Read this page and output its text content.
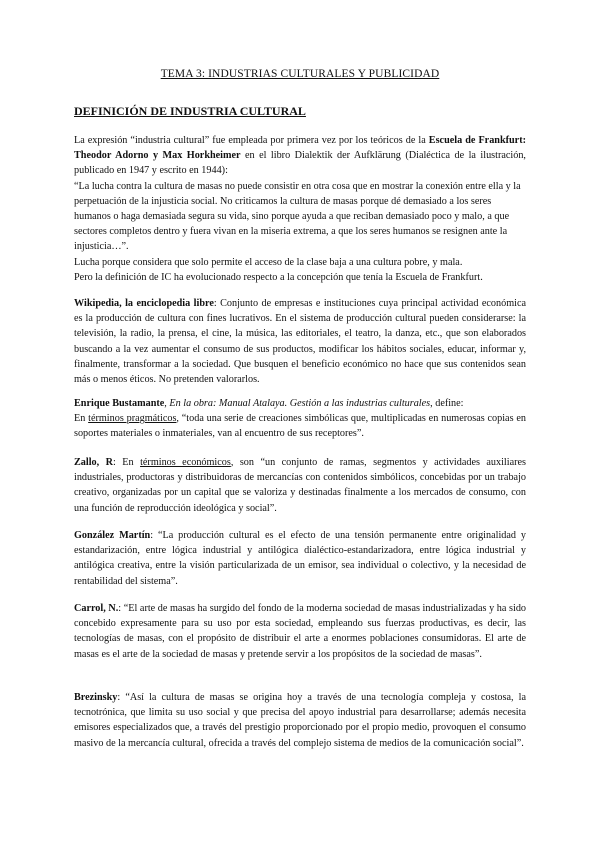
TEMA 3: INDUSTRIAS CULTURALES Y PUBLICIDAD
DEFINICIÓN DE INDUSTRIA CULTURAL

La expresión “industria cultural” fue empleada por primera vez por los teóricos de la Escuela de Frankfurt: Theodor Adorno y Max Horkheimer en el libro Dialektik der Aufklärung (Dialéctica de la ilustración, publicado en 1947 y escrito en 1944):

“La lucha contra la cultura de masas no puede consistir en otra cosa que en mostrar la conexión entre ella y la perpetuación de la injusticia social. No criticamos la cultura de masas porque dé demasiado a los seres humanos o haga demasiada segura su vida, sino porque ayuda a que reciban demasiado poco y malo, a que sectores completos dentro y fuera vivan en la miseria extrema, a que los seres humanos se resignen ante la injusticia…”.

Lucha porque considera que solo permite el acceso de la clase baja a una cultura pobre, y mala.

Pero la definición de IC ha evolucionado respecto a la concepción que tenía la Escuela de Frankfurt.

Wikipedia, la enciclopedia libre: Conjunto de empresas e instituciones cuya principal actividad económica es la producción de cultura con fines lucrativos. En el sistema de producción cultural pueden considerarse: la televisión, la radio, la prensa, el cine, la música, las editoriales, el teatro, la danza, etc., que son elaborados buscando a la vez aumentar el consumo de sus productos, modificar los hábitos sociales, educar, informar y, finalmente, transformar a la sociedad. Que busquen el beneficio económico no hace que sus contenidos sean más o menos éticos. No pretenden valorarlos.

Enrique Bustamante, En la obra: Manual Atalaya. Gestión a las industrias culturales, define:

En términos pragmáticos, “toda una serie de creaciones simbólicas que, multiplicadas en numerosas copias en soportes materiales o inmateriales, van al encuentro de sus receptores”.

Zallo, R: En términos económicos, son “un conjunto de ramas, segmentos y actividades auxiliares industriales, productoras y distribuidoras de mercancías con contenidos simbólicos, concebidas por un trabajo creativo, organizadas por un capital que se valoriza y destinadas finalmente a los mercados de consumo, con una función de reproducción ideológica y social”.

González Martín: “La producción cultural es el efecto de una tensión permanente entre originalidad y estandarización, entre lógica industrial y antilógica dialéctico-estandarizadora, entre lógica industrial y antilógica creativa, entre la visión particularizada de un emisor, sea individual o colectivo, y la necesidad de rentabilidad del sistema”.

Carrol, N.: “El arte de masas ha surgido del fondo de la moderna sociedad de masas industrializadas y ha sido concebido expresamente para su uso por esta sociedad, empleando sus fuerzas productivas, es decir, las tecnologías de masas, con el propósito de distribuir el arte a enormes poblaciones consumidoras. El arte de masas es el arte de la sociedad de masas y pretende servir a los propósitos de la sociedad de masas”.

Brezinsky: “Así la cultura de masas se origina hoy a través de una tecnología compleja y costosa, la tecnotrónica, que limita su uso social y que precisa del apoyo industrial para desarrollarse; además necesita emisores especializados que, a través del prestigio proporcionado por el propio medio, provoquen el consumo masivo de la mercancía cultural, ofrecida a través del complejo sistema de medios de la comunicación social”.
